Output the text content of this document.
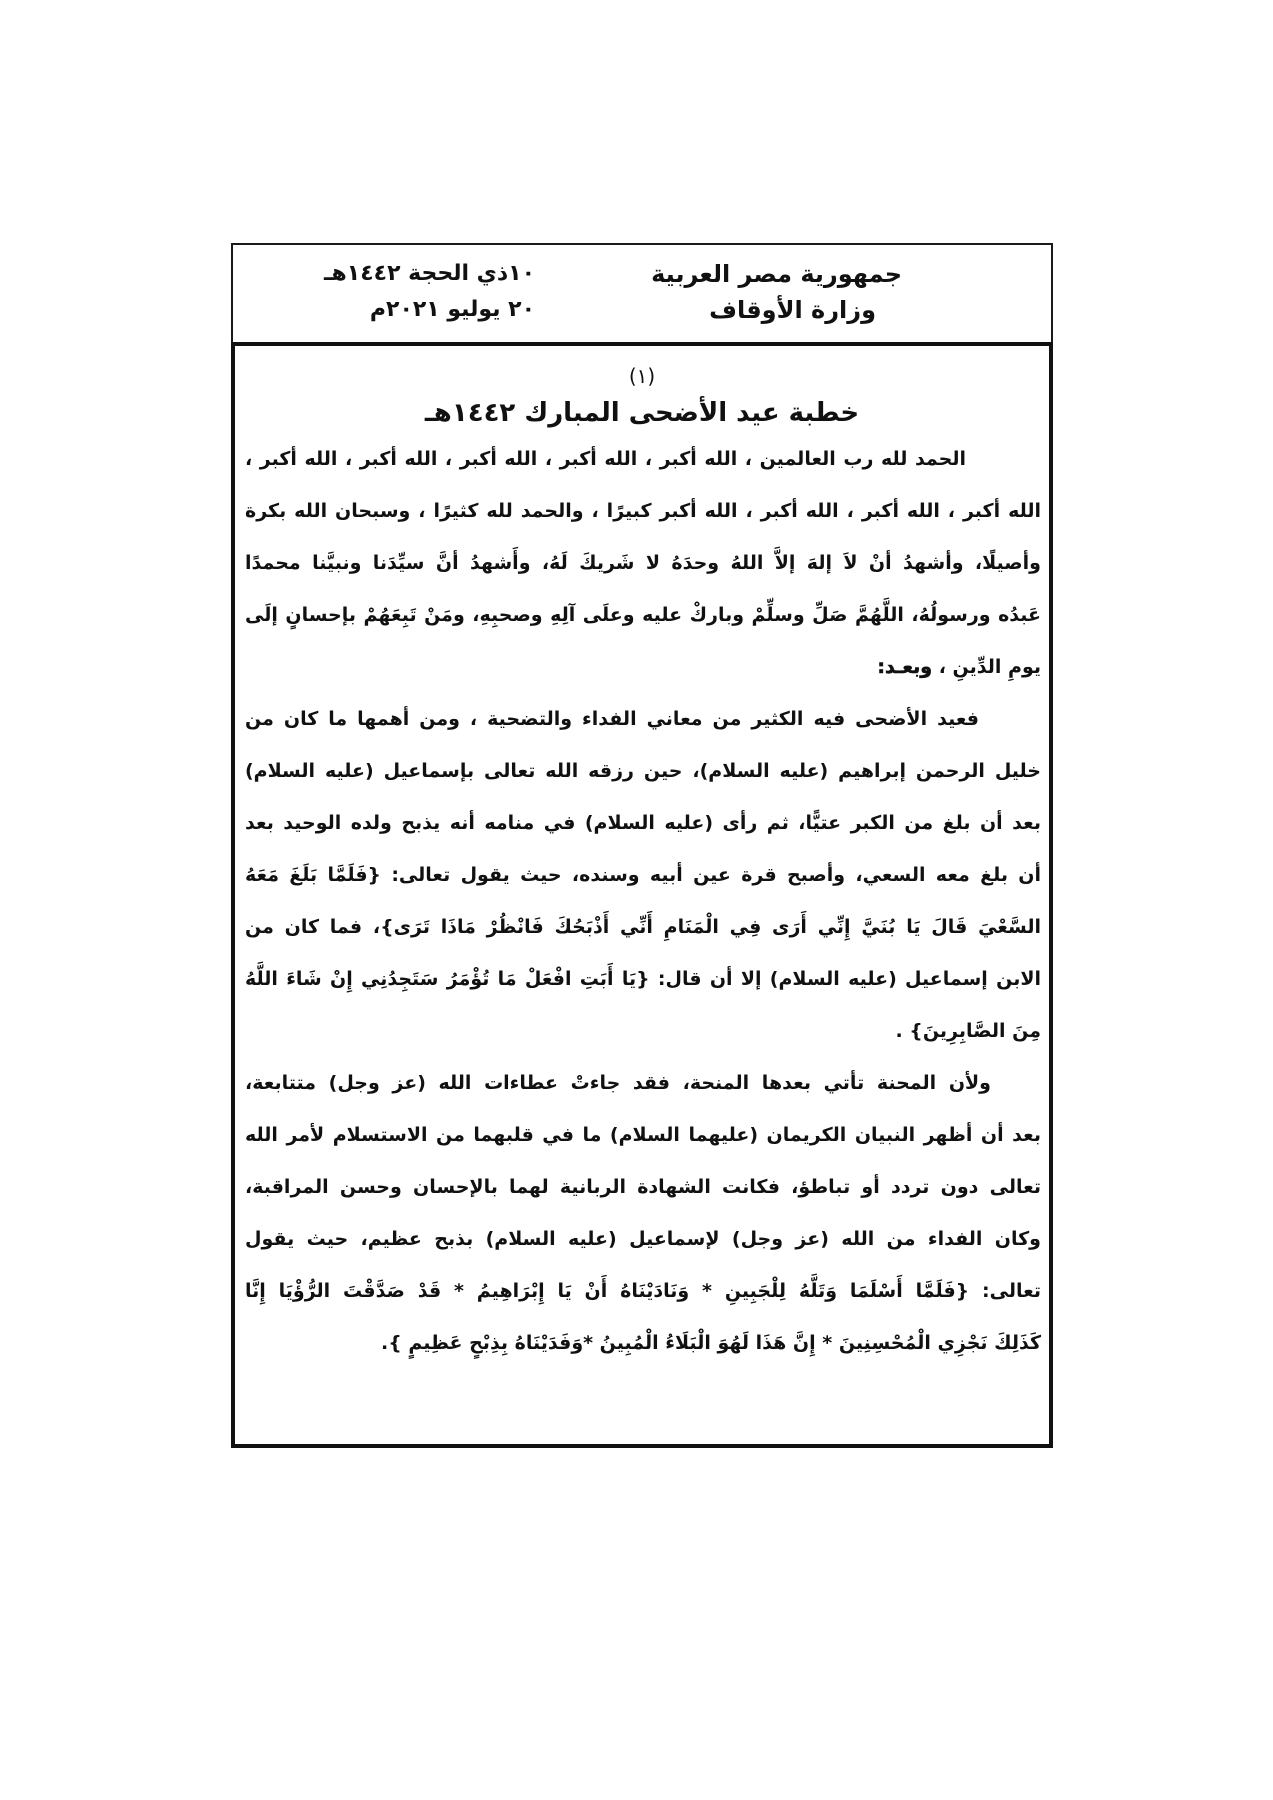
جمهورية مصر العربية
وزارة الأوقاف
١٠ذي الحجة ١٤٤٢هـ
٢٠ يوليو ٢٠٢١م
(١)
خطبة عيد الأضحى المبارك ١٤٤٢هـ
الحمد لله رب العالمين ، الله أكبر ، الله أكبر ، الله أكبر ، الله أكبر ، الله أكبر ،
الله أكبر ، الله أكبر ، الله أكبر ، الله أكبر كبيرًا ، والحمد لله كثيرًا ، وسبحان الله بكرة
وأصيلًا، وأشهدُ أنْ لاَ إلهَ إلاَّ اللهُ وحدَهُ لا شَريكَ لَهُ، وأَشهدُ أنَّ سيِّدَنا ونبيَّنا محمدًا
عَبدُه ورسولُهُ، اللَّهُمَّ صَلِّ وسلِّمْ وباركْ عليه وعلَى آلِهِ وصحبِهِ، ومَنْ تَبِعَهُمْ بإحسانٍ إلَى
يومِ الدِّينِ ، وبعـد:
فعيد الأضحى فيه الكثير من معاني الفداء والتضحية ، ومن أهمها ما كان من
خليل الرحمن إبراهيم (عليه السلام)، حين رزقه الله تعالى بإسماعيل (عليه السلام)
بعد أن بلغ من الكبر عتيًّا، ثم رأى (عليه السلام) في منامه أنه يذبح ولده الوحيد بعد
أن بلغ معه السعي، وأصبح قرة عين أبيه وسنده، حيث يقول تعالى: {فَلَمَّا بَلَغَ مَعَهُ
السَّعْيَ قَالَ يَا بُنَيَّ إِنِّي أَرَى فِي الْمَنَامِ أَنِّي أَذْبَحُكَ فَانْظُرْ مَاذَا تَرَى}، فما كان من
الابن إسماعيل (عليه السلام) إلا أن قال: {يَا أَبَتِ افْعَلْ مَا تُؤْمَرُ سَتَجِدُنِي إِنْ شَاءَ اللَّهُ
مِنَ الصَّابِرِينَ} .
ولأن المحنة تأتي بعدها المنحة، فقد جاءتْ عطاءات الله (عز وجل) متتابعة،
بعد أن أظهر النبيان الكريمان (عليهما السلام) ما في قلبهما من الاستسلام لأمر الله
تعالى دون تردد أو تباطؤ، فكانت الشهادة الربانية لهما بالإحسان وحسن المراقبة،
وكان الفداء من الله (عز وجل) لإسماعيل (عليه السلام) بذبح عظيم، حيث يقول
تعالى: {فَلَمَّا أَسْلَمَا وَتَلَّهُ لِلْجَبِينِ * وَنَادَيْنَاهُ أَنْ يَا إِبْرَاهِيمُ * قَدْ صَدَّقْتَ الرُّؤْيَا إِنَّا
كَذَلِكَ نَجْزِي الْمُحْسِنِينَ * إِنَّ هَذَا لَهُوَ الْبَلَاءُ الْمُبِينُ *وَفَدَيْنَاهُ بِذِبْحٍ عَظِيمٍ }.
